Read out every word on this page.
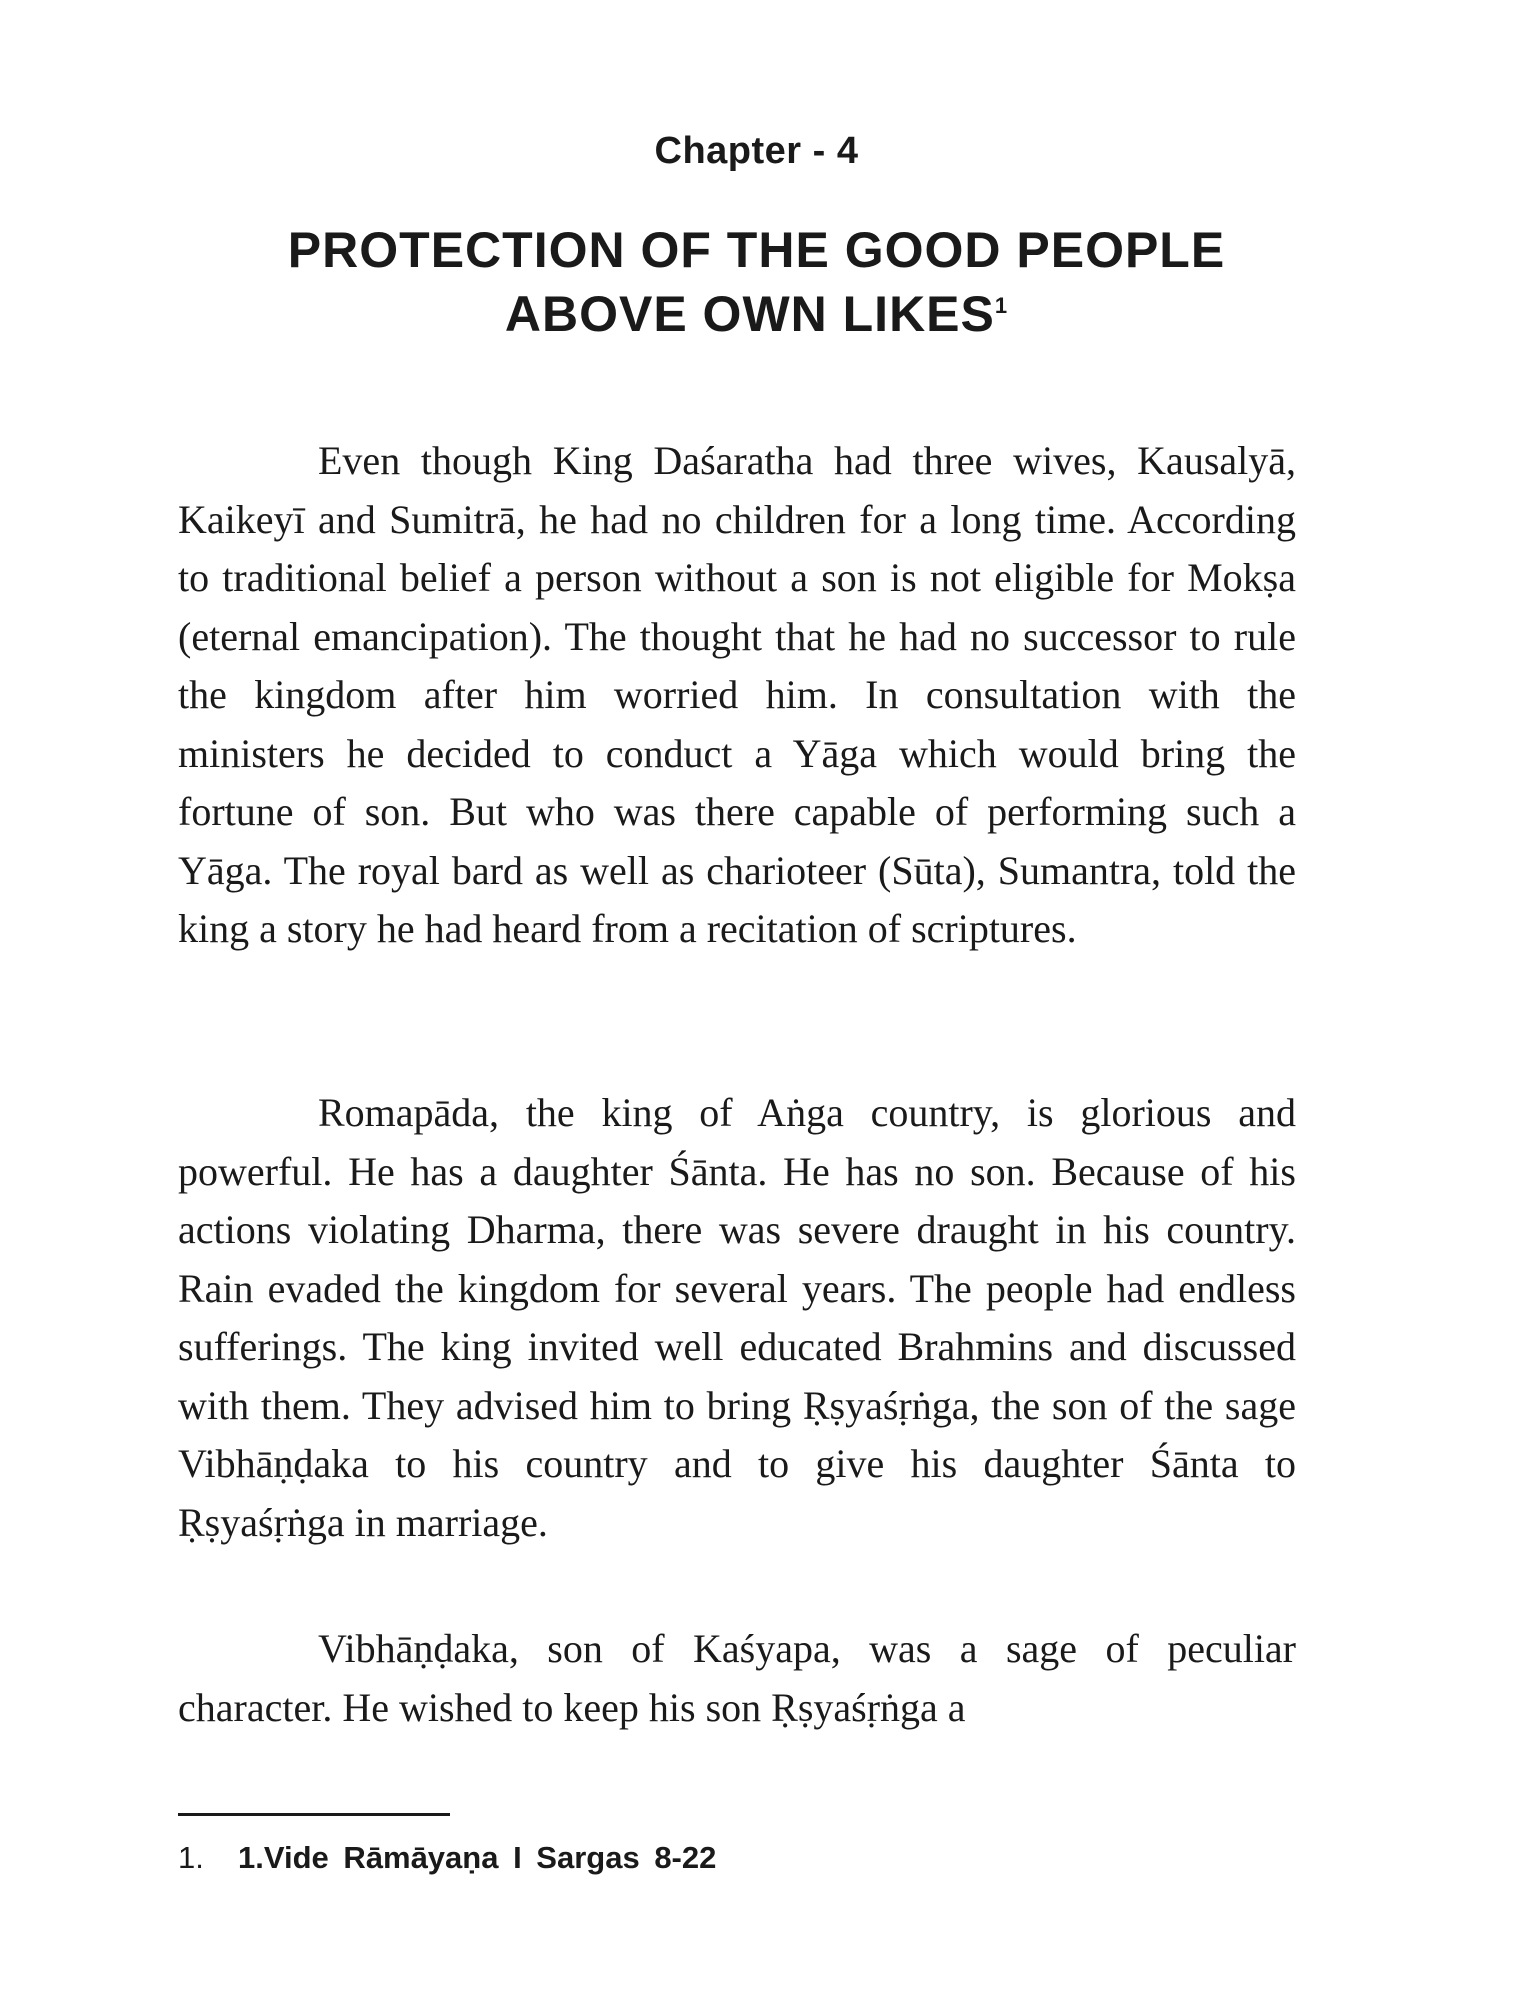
Chapter - 4
PROTECTION OF THE GOOD PEOPLE
ABOVE OWN LIKES$^1$

Even though King Daśaratha had three wives, Kausalyā, Kaikeyī and Sumitrā, he had no children for a long time. According to traditional belief a person without a son is not eligible for Mokṣa (eternal emancipation). The thought that he had no successor to rule the kingdom after him worried him. In consultation with the ministers he decided to conduct a Yāga which would bring the fortune of son. But who was there capable of performing such a Yāga. The royal bard as well as charioteer (Sūta), Sumantra, told the king a story he had heard from a recitation of scriptures.

Romapāda, the king of Aṅga country, is glorious and powerful. He has a daughter Śānta. He has no son. Because of his actions violating Dharma, there was severe draught in his country. Rain evaded the kingdom for several years. The people had endless sufferings. The king invited well educated Brahmins and discussed with them. They advised him to bring Ṛṣyaśṛṅga, the son of the sage Vibhāṇḍaka to his country and to give his daughter Śānta to Ṛṣyaśṛṅga in marriage.

Vibhāṇḍaka, son of Kaśyapa, was a sage of peculiar character. He wished to keep his son Ṛṣyaśṛṅga a

1. 1.Vide Rāmāyaṇa I Sargas 8-22
